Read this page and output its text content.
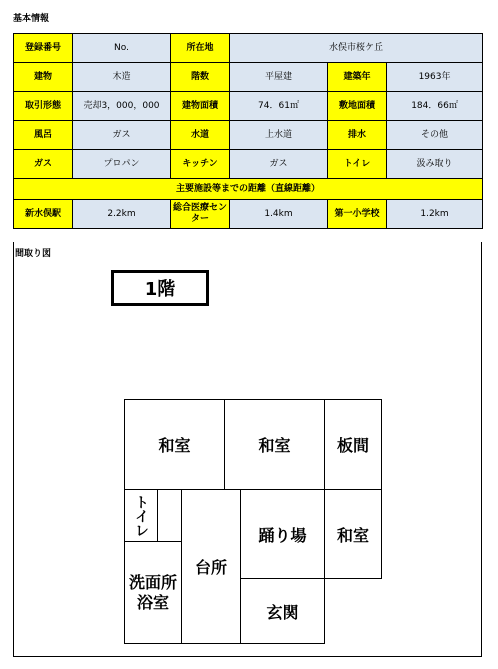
基本情報
登録番号	No.	所在地	水俣市桜ケ丘		
建物	木造	階数	平屋建	建築年	1963年
取引形態	売却3，000，000	建物面積	74．61㎡	敷地面積	184．66㎡
風呂	ガス	水道	上水道	排水	その他
ガス	プロパン	キッチン	ガス	トイレ	汲み取り
主要施設等までの距離（直線距離）					
新水俣駅	2.2km	総合医療センター	1.4km	第一小学校	1.2km
間取り図
1階
和室	和室	板間
トイレ
洗面所
浴室
台所
踊り場	和室
玄関
